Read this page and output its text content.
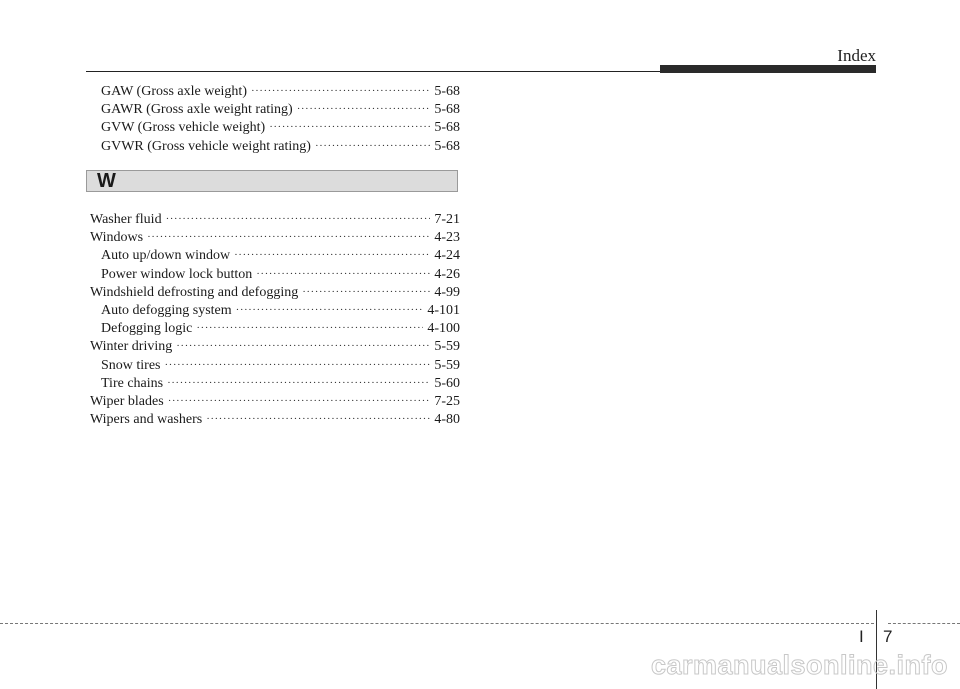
Index
GAW (Gross axle weight) ·····	5-68
GAWR (Gross axle weight rating) ·····	5-68
GVW (Gross vehicle weight) ·····	5-68
GVWR (Gross vehicle weight rating) ·····	5-68
W
Washer fluid ·····	7-21
Windows ·····	4-23
Auto up/down window ·····	4-24
Power window lock button ·····	4-26
Windshield defrosting and defogging ·····	4-99
Auto defogging system ·····	4-101
Defogging logic ·····	4-100
Winter driving ·····	5-59
Snow tires ·····	5-59
Tire chains ·····	5-60
Wiper blades ·····	7-25
Wipers and washers ·····	4-80
I 7
carmanualsonline.info
